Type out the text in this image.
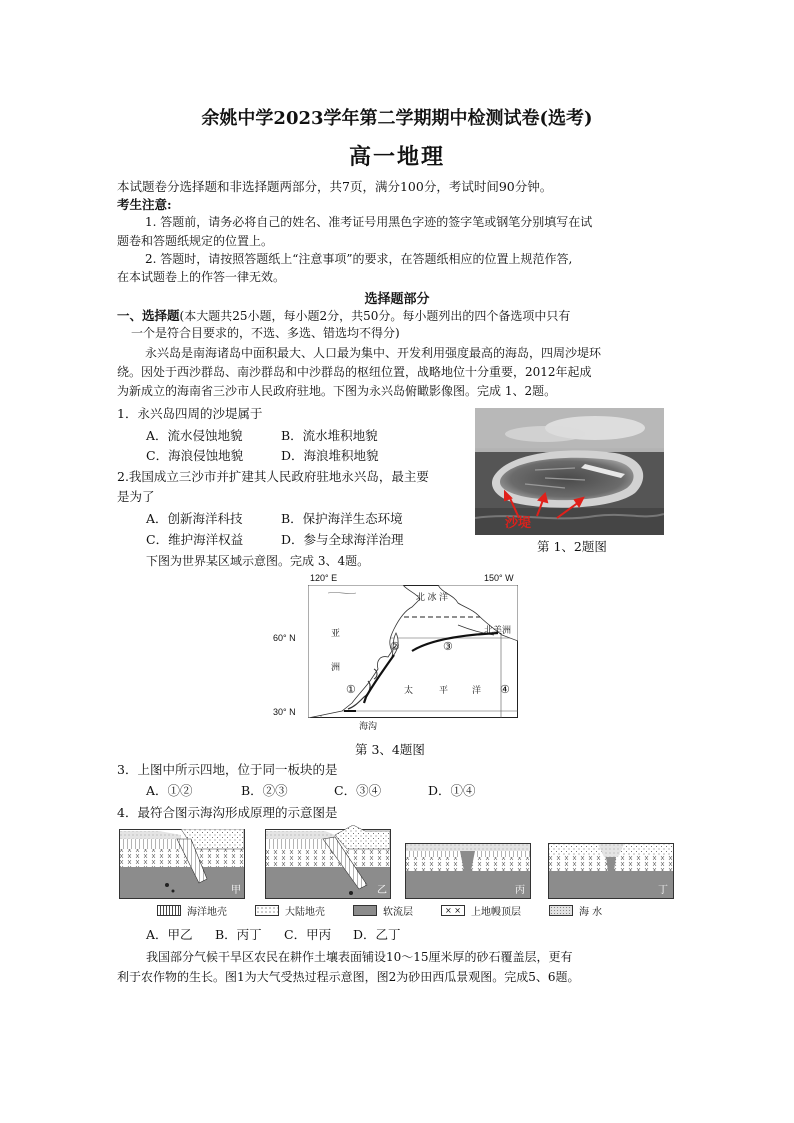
余姚中学2023学年第二学期期中检测试卷(选考)
高一地理
本试题卷分选择题和非选择题两部分，共7页，满分100分，考试时间90分钟。
考生注意:
1. 答题前，请务必将自己的姓名、准考证号用黑色字迹的签字笔或钢笔分别填写在试
题卷和答题纸规定的位置上。
2. 答题时，请按照答题纸上“注意事项”的要求，在答题纸相应的位置上规范作答,
在本试题卷上的作答一律无效。
选择题部分
一、选择题(本大题共25小题，每小题2分，共50分。每小题列出的四个备选项中只有
一个是符合目要求的，不选、多选、错选均不得分)
永兴岛是南海诸岛中面积最大、人口最为集中、开发利用强度最高的海岛，四周沙堤环
绕。因处于西沙群岛、南沙群岛和中沙群岛的枢纽位置，战略地位十分重要，2012年起成
为新成立的海南省三沙市人民政府驻地。下图为永兴岛俯瞰影像图。完成 1、2题。
1．永兴岛四周的沙堤属于
A．流水侵蚀地貌	B．流水堆积地貌
C．海浪侵蚀地貌	D．海浪堆积地貌
2.我国成立三沙市并扩建其人民政府驻地永兴岛，最主要
是为了
A．创新海洋科技	B．保护海洋生态环境
C．维护海洋权益	D．参与全球海洋治理
沙堤
第 1、2题图
下图为世界某区域示意图。完成 3、4题。
120° E	150° W
60° N
30° N
北 冰 洋
亚
洲
北美洲
太	平	洋
海沟
①
②	③
④
第 3、4题图
3．上图中所示四地，位于同一板块的是
A．①②	B．②③	C．③④	D．①④
4．最符合图示海沟形成原理的示意图是
甲	乙	丙	丁
海洋地壳	大陆地壳	软流层	× ×	上地幔顶层	海 水
A．甲乙 B．丙丁 C．甲丙 D．乙丁
我国部分气候干旱区农民在耕作土壤表面铺设10～15厘米厚的砂石覆盖层，更有
利于农作物的生长。图1为大气受热过程示意图，图2为砂田西瓜景观图。完成5、6题。
